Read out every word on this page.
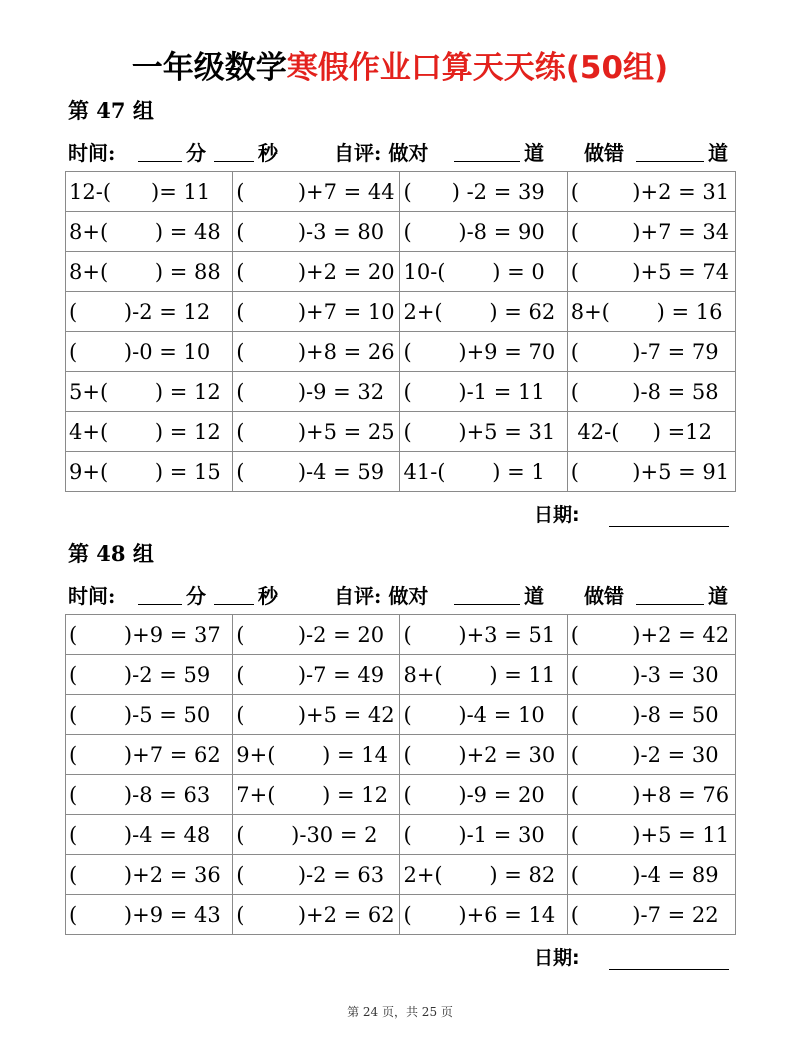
一年级数学寒假作业口算天天练(50组)
第 47 组
时间:	分	秒	自评: 做对	道 做错	道
12-(      )= 11	(        )+7 = 44	(      ) -2 = 39	(        )+2 = 31
8+(       ) = 48	(        )-3 = 80	(       )-8 = 90	(        )+7 = 34
8+(       ) = 88	(        )+2 = 20	10-(       ) = 0	(        )+5 = 74
(       )-2 = 12	(        )+7 = 10	2+(       ) = 62	8+(       ) = 16
(       )-0 = 10	(        )+8 = 26	(       )+9 = 70	(        )-7 = 79
5+(       ) = 12	(        )-9 = 32	(       )-1 = 11	(        )-8 = 58
4+(       ) = 12	(        )+5 = 25	(       )+5 = 31	42-(     ) =12
9+(       ) = 15	(        )-4 = 59	41-(       ) = 1	(        )+5 = 91
日期:
第 48 组
时间:	分	秒	自评: 做对	道 做错	道
(       )+9 = 37	(        )-2 = 20	(       )+3 = 51	(        )+2 = 42
(       )-2 = 59	(        )-7 = 49	8+(       ) = 11	(        )-3 = 30
(       )-5 = 50	(        )+5 = 42	(       )-4 = 10	(        )-8 = 50
(       )+7 = 62	9+(       ) = 14	(       )+2 = 30	(        )-2 = 30
(       )-8 = 63	7+(       ) = 12	(       )-9 = 20	(        )+8 = 76
(       )-4 = 48	(       )-30 = 2	(       )-1 = 30	(        )+5 = 11
(       )+2 = 36	(        )-2 = 63	2+(       ) = 82	(        )-4 = 89
(       )+9 = 43	(        )+2 = 62	(       )+6 = 14	(        )-7 = 22
日期:
第 24 页，共 25 页
